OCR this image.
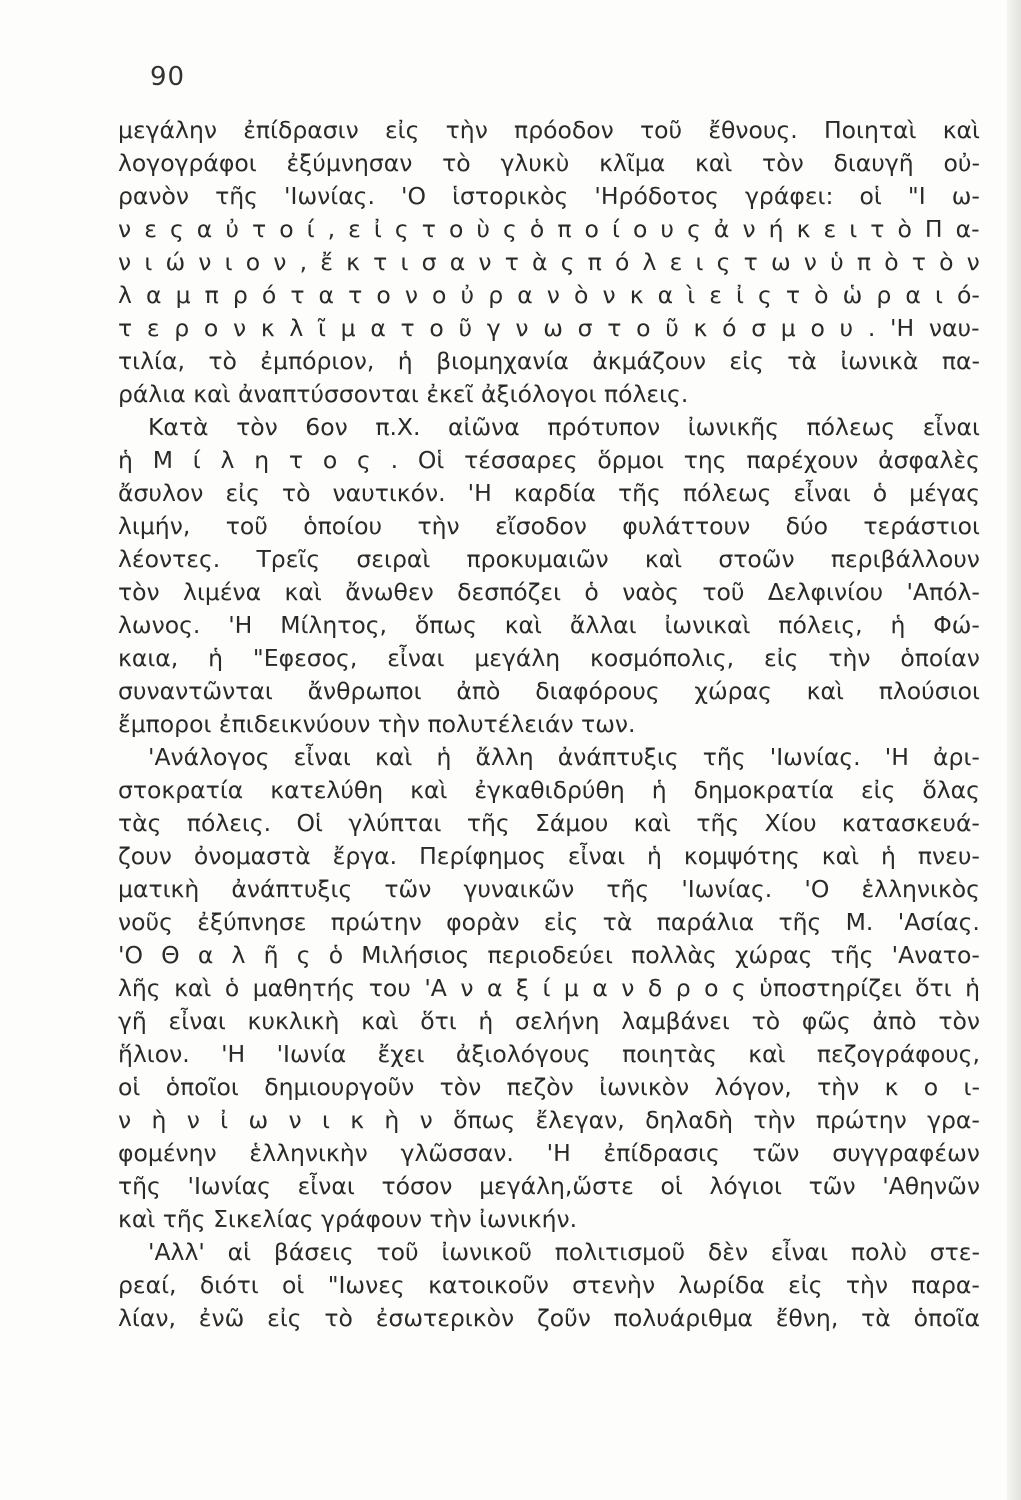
90
μεγάλην ἐπίδρασιν εἰς τὴν πρόοδον τοῦ ἔθνους. Ποιηταὶ καὶ
λογογράφοι ἐξύμνησαν τὸ γλυκὺ κλῖμα καὶ τὸν διαυγῆ οὐ-
ρανὸν τῆς 'Ιωνίας. 'Ο ἱστορικὸς 'Ηρόδοτος γράφει: οἱ "Ι ω-
ν ε ς α ὐ τ ο ί , ε ἰ ς τ ο ὺ ς ὁ π ο ί ο υ ς ἀ ν ή κ ε ι τ ὸ Π α-
ν ι ώ ν ι ο ν , ἔ κ τ ι σ α ν τ ὰ ς π ό λ ε ι ς τ ω ν ὑ π ὸ τ ὸ ν
λ α μ π ρ ό τ α τ ο ν ο ὐ ρ α ν ὸ ν κ α ὶ ε ἰ ς τ ὸ ὡ ρ α ι ό-
τ ε ρ ο ν κ λ ῖ μ α τ ο ῦ γ ν ω σ τ ο ῦ κ ό σ μ ο υ . 'Η ναυ-
τιλία, τὸ ἐμπόριον, ἡ βιομηχανία ἀκμάζουν εἰς τὰ ἰωνικὰ πα-
ράλια καὶ ἀναπτύσσονται ἐκεῖ ἀξιόλογοι πόλεις.
Κατὰ τὸν 6ον π.Χ. αἰῶνα πρότυπον ἰωνικῆς πόλεως εἶναι
ἡ Μ ί λ η τ ο ς . Οἱ τέσσαρες ὅρμοι της παρέχουν ἀσφαλὲς
ἄσυλον εἰς τὸ ναυτικόν. 'Η καρδία τῆς πόλεως εἶναι ὁ μέγας
λιμήν, τοῦ ὁποίου τὴν εἴσοδον φυλάττουν δύο τεράστιοι
λέοντες. Τρεῖς σειραὶ προκυμαιῶν καὶ στοῶν περιβάλλουν
τὸν λιμένα καὶ ἄνωθεν δεσπόζει ὁ ναὸς τοῦ Δελφινίου 'Απόλ-
λωνος. 'Η Μίλητος, ὅπως καὶ ἄλλαι ἰωνικαὶ πόλεις, ἡ Φώ-
καια, ἡ "Εφεσος, εἶναι μεγάλη κοσμόπολις, εἰς τὴν ὁποίαν
συναντῶνται ἄνθρωποι ἀπὸ διαφόρους χώρας καὶ πλούσιοι
ἔμποροι ἐπιδεικνύουν τὴν πολυτέλειάν των.
'Ανάλογος εἶναι καὶ ἡ ἄλλη ἀνάπτυξις τῆς 'Ιωνίας. 'Η ἀρι-
στοκρατία κατελύθη καὶ ἐγκαθιδρύθη ἡ δημοκρατία εἰς ὅλας
τὰς πόλεις. Οἱ γλύπται τῆς Σάμου καὶ τῆς Χίου κατασκευά-
ζουν ὀνομαστὰ ἔργα. Περίφημος εἶναι ἡ κομψότης καὶ ἡ πνευ-
ματικὴ ἀνάπτυξις τῶν γυναικῶν τῆς 'Ιωνίας. 'Ο ἑλληνικὸς
νοῦς ἐξύπνησε πρώτην φορὰν εἰς τὰ παράλια τῆς Μ. 'Ασίας.
'Ο Θ α λ ῆ ς ὁ Μιλήσιος περιοδεύει πολλὰς χώρας τῆς 'Ανατο-
λῆς καὶ ὁ μαθητής του 'Α ν α ξ ί μ α ν δ ρ ο ς ὑποστηρίζει ὅτι ἡ
γῆ εἶναι κυκλικὴ καὶ ὅτι ἡ σελήνη λαμβάνει τὸ φῶς ἀπὸ τὸν
ἥλιον. 'Η 'Ιωνία ἔχει ἀξιολόγους ποιητὰς καὶ πεζογράφους,
οἱ ὁποῖοι δημιουργοῦν τὸν πεζὸν ἰωνικὸν λόγον, τὴν κ ο ι-
ν ὴ ν ἰ ω ν ι κ ὴ ν ὅπως ἔλεγαν, δηλαδὴ τὴν πρώτην γρα-
φομένην ἑλληνικὴν γλῶσσαν. 'Η ἐπίδρασις τῶν συγγραφέων
τῆς 'Ιωνίας εἶναι τόσον μεγάλη,ὥστε οἱ λόγιοι τῶν 'Αθηνῶν
καὶ τῆς Σικελίας γράφουν τὴν ἰωνικήν.
'Αλλ' αἱ βάσεις τοῦ ἰωνικοῦ πολιτισμοῦ δὲν εἶναι πολὺ στε-
ρεαί, διότι οἱ "Ιωνες κατοικοῦν στενὴν λωρίδα εἰς τὴν παρα-
λίαν, ἐνῶ εἰς τὸ ἐσωτερικὸν ζοῦν πολυάριθμα ἔθνη, τὰ ὁποῖα
